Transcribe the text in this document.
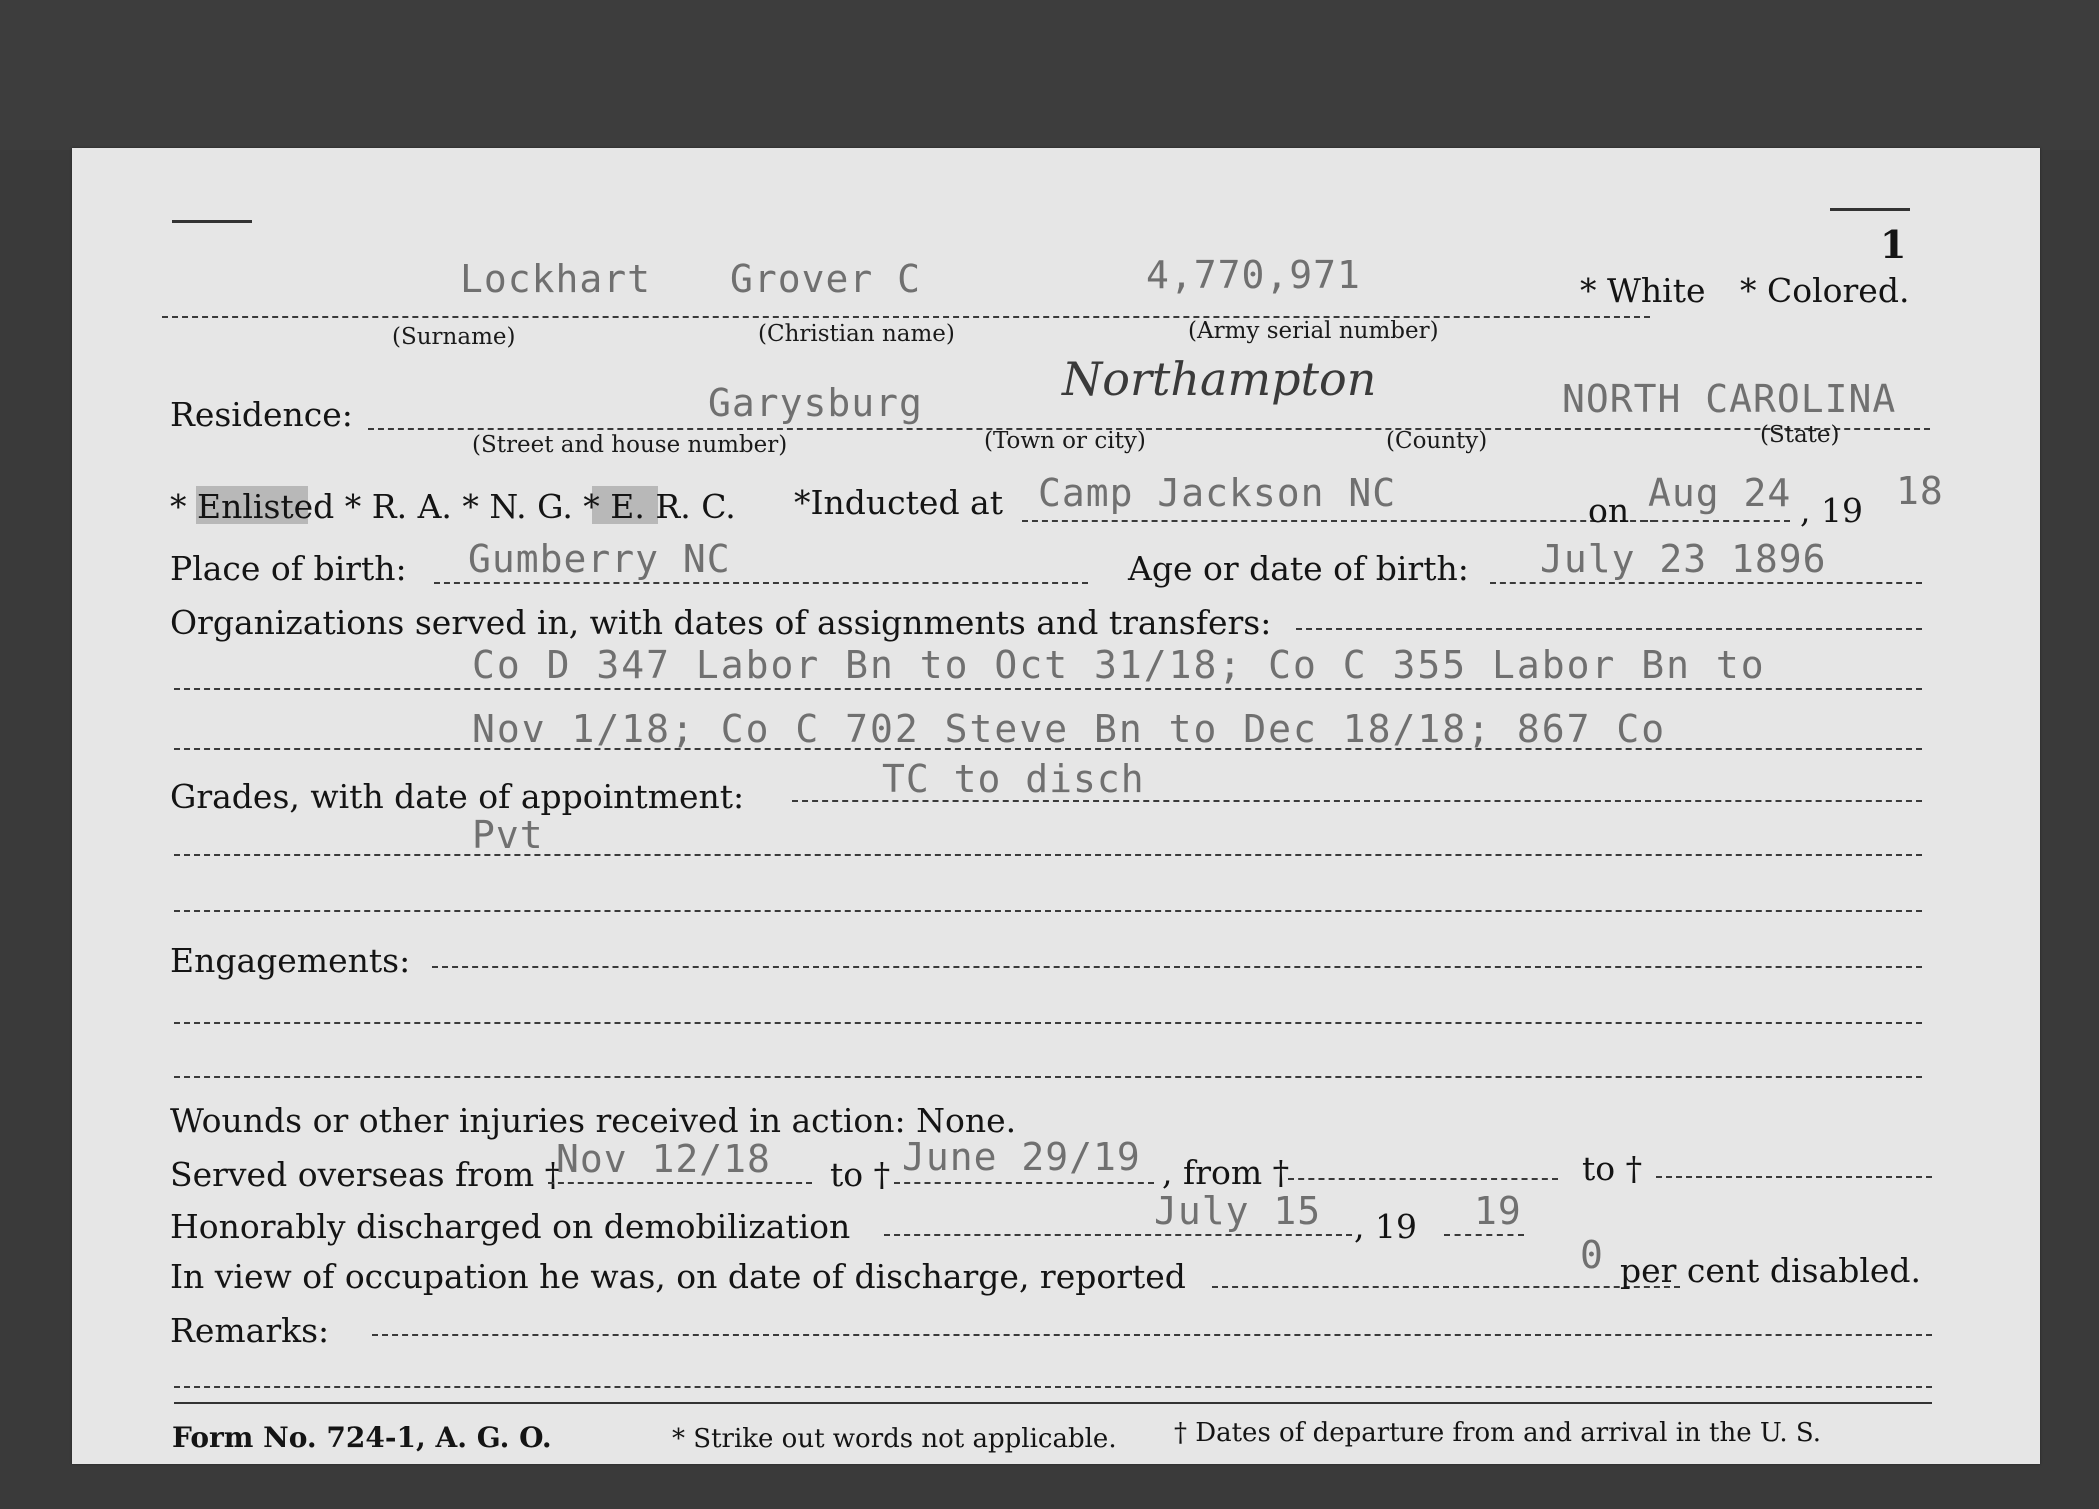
1
Lockhart Grover C	4,770,971	* White * Colored.
(Surname)	(Christian name)	(Army serial number)
Residence:	Garysburg	Northampton	NORTH CAROLINA
(Street and house number)	(Town or city)	(County)	(State)
* Enlisted * R. A. * N. G. * E. R. C. *Inducted at Camp Jackson NC	on Aug 24 , 19 18
Place of birth: Gumberry NC	Age or date of birth: July 23 1896
Organizations served in, with dates of assignments and transfers:
Co D 347 Labor Bn to Oct 31/18; Co C 355 Labor Bn to
Nov 1/18; Co C 702 Steve Bn to Dec 18/18; 867 Co
Grades, with date of appointment:	TC to disch
Pvt
Engagements:
Wounds or other injuries received in action: None.
Served overseas from †
Nov 12/18 to † June 29/19 , from †	to †
Honorably discharged on demobilization	July 15 , 19 19
In view of occupation he was, on date of discharge, reported	0 per cent disabled.
Remarks:
Form No. 724-1, A. G. O.	* Strike out words not applicable. † Dates of departure from and arrival in the U. S.
